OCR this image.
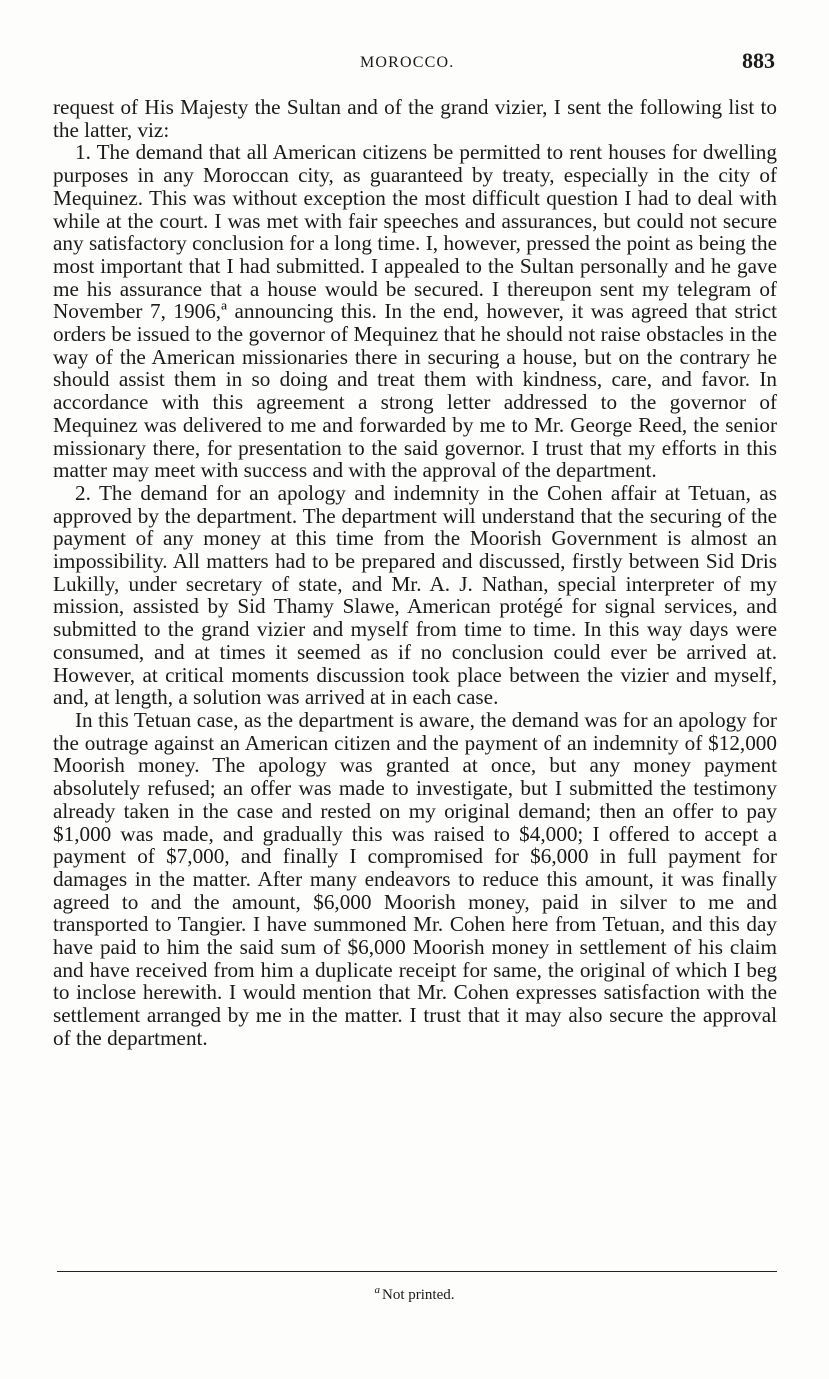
MOROCCO.	883

request of His Majesty the Sultan and of the grand vizier, I sent the following list to the latter, viz:

1. The demand that all American citizens be permitted to rent houses for dwelling purposes in any Moroccan city, as guaranteed by treaty, especially in the city of Mequinez. This was without exception the most difficult question I had to deal with while at the court. I was met with fair speeches and assurances, but could not secure any satisfactory conclusion for a long time. I, however, pressed the point as being the most important that I had submitted. I appealed to the Sultan personally and he gave me his assurance that a house would be secured. I thereupon sent my telegram of November 7, 1906,ª announcing this. In the end, however, it was agreed that strict orders be issued to the governor of Mequinez that he should not raise obstacles in the way of the American missionaries there in securing a house, but on the contrary he should assist them in so doing and treat them with kindness, care, and favor. In accordance with this agreement a strong letter addressed to the governor of Mequinez was delivered to me and forwarded by me to Mr. George Reed, the senior missionary there, for presentation to the said governor. I trust that my efforts in this matter may meet with success and with the approval of the department.

2. The demand for an apology and indemnity in the Cohen affair at Tetuan, as approved by the department. The department will understand that the securing of the payment of any money at this time from the Moorish Government is almost an impossibility. All matters had to be prepared and discussed, firstly between Sid Dris Lukilly, under secretary of state, and Mr. A. J. Nathan, special interpreter of my mission, assisted by Sid Thamy Slawe, American protégé for signal services, and submitted to the grand vizier and myself from time to time. In this way days were consumed, and at times it seemed as if no conclusion could ever be arrived at. However, at critical moments discussion took place between the vizier and myself, and, at length, a solution was arrived at in each case.

In this Tetuan case, as the department is aware, the demand was for an apology for the outrage against an American citizen and the payment of an indemnity of $12,000 Moorish money. The apology was granted at once, but any money payment absolutely refused; an offer was made to investigate, but I submitted the testimony already taken in the case and rested on my original demand; then an offer to pay $1,000 was made, and gradually this was raised to $4,000; I offered to accept a payment of $7,000, and finally I compromised for $6,000 in full payment for damages in the matter. After many endeavors to reduce this amount, it was finally agreed to and the amount, $6,000 Moorish money, paid in silver to me and transported to Tangier. I have summoned Mr. Cohen here from Tetuan, and this day have paid to him the said sum of $6,000 Moorish money in settlement of his claim and have received from him a duplicate receipt for same, the original of which I beg to inclose herewith. I would mention that Mr. Cohen expresses satisfaction with the settlement arranged by me in the matter. I trust that it may also secure the approval of the department.

$^a$ Not printed.
